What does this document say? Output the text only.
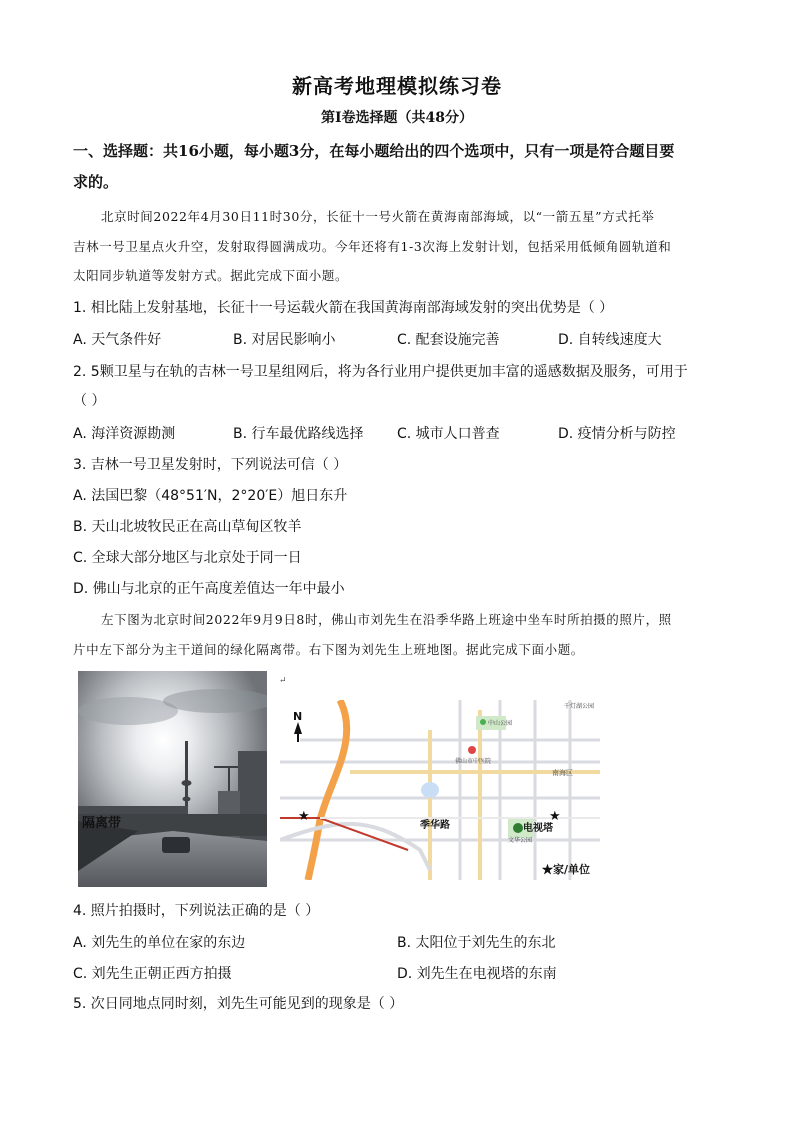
新高考地理模拟练习卷
第Ⅰ卷选择题（共48分）
一、选择题：共16小题，每小题3分，在每小题给出的四个选项中，只有一项是符合题目要
求的。
北京时间2022年4月30日11时30分，长征十一号火箭在黄海南部海域，以“一箭五星”方式托举
吉林一号卫星点火升空，发射取得圆满成功。今年还将有1-3次海上发射计划，包括采用低倾角圆轨道和
太阳同步轨道等发射方式。据此完成下面小题。
1. 相比陆上发射基地，长征十一号运载火箭在我国黄海南部海域发射的突出优势是（ ）
A. 天气条件好	B. 对居民影响小	C. 配套设施完善	D. 自转线速度大
2. 5颗卫星与在轨的吉林一号卫星组网后，将为各行业用户提供更加丰富的遥感数据及服务，可用于
（ ）
A. 海洋资源勘测	B. 行车最优路线选择 C. 城市人口普查	D. 疫情分析与防控
3. 吉林一号卫星发射时，下列说法可信（ ）
A. 法国巴黎（48°51′N，2°20′E）旭日东升
B. 天山北坡牧民正在高山草甸区牧羊
C. 全球大部分地区与北京处于同一日
D. 佛山与北京的正午高度差值达一年中最小
左下图为北京时间2022年9月9日8时，佛山市刘先生在沿季华路上班途中坐车时所拍摄的照片，照
片中左下部分为主干道间的绿化隔离带。右下图为刘先生上班地图。据此完成下面小题。
隔离带
↵
N
佛山市中医院
中山公园
千灯湖公园
南海区
季华路	电视塔
文华公园
★	★
★家/单位
4. 照片拍摄时，下列说法正确的是（ ）
A. 刘先生的单位在家的东边	B. 太阳位于刘先生的东北
C. 刘先生正朝正西方拍摄	D. 刘先生在电视塔的东南
5. 次日同地点同时刻，刘先生可能见到的现象是（ ）
